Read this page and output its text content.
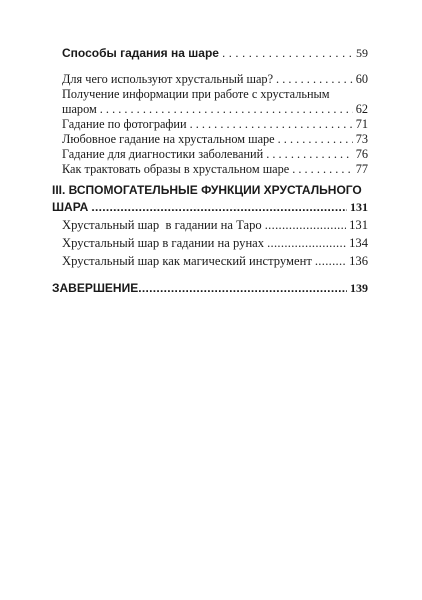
Способы гадания на шаре . . .	59
Для чего используют хрустальный шар? . . .	60
Получение информации при работе с хрустальным
шаром . . .	62
Гадание по фотографии . . .	71
Любовное гадание на хрустальном шаре . . .	73
Гадание для диагностики заболеваний . . .	76
Как трактовать образы в хрустальном шаре . . .	77
III. ВСПОМОГАТЕЛЬНЫЕ ФУНКЦИИ ХРУСТАЛЬНОГО
ШАРА .....	131
Хрустальный шар  в гадании на Таро .....	131
Хрустальный шар в гадании на рунах .....	134
Хрустальный шар как магический инструмент .....	136
ЗАВЕРШЕНИЕ .....	139
